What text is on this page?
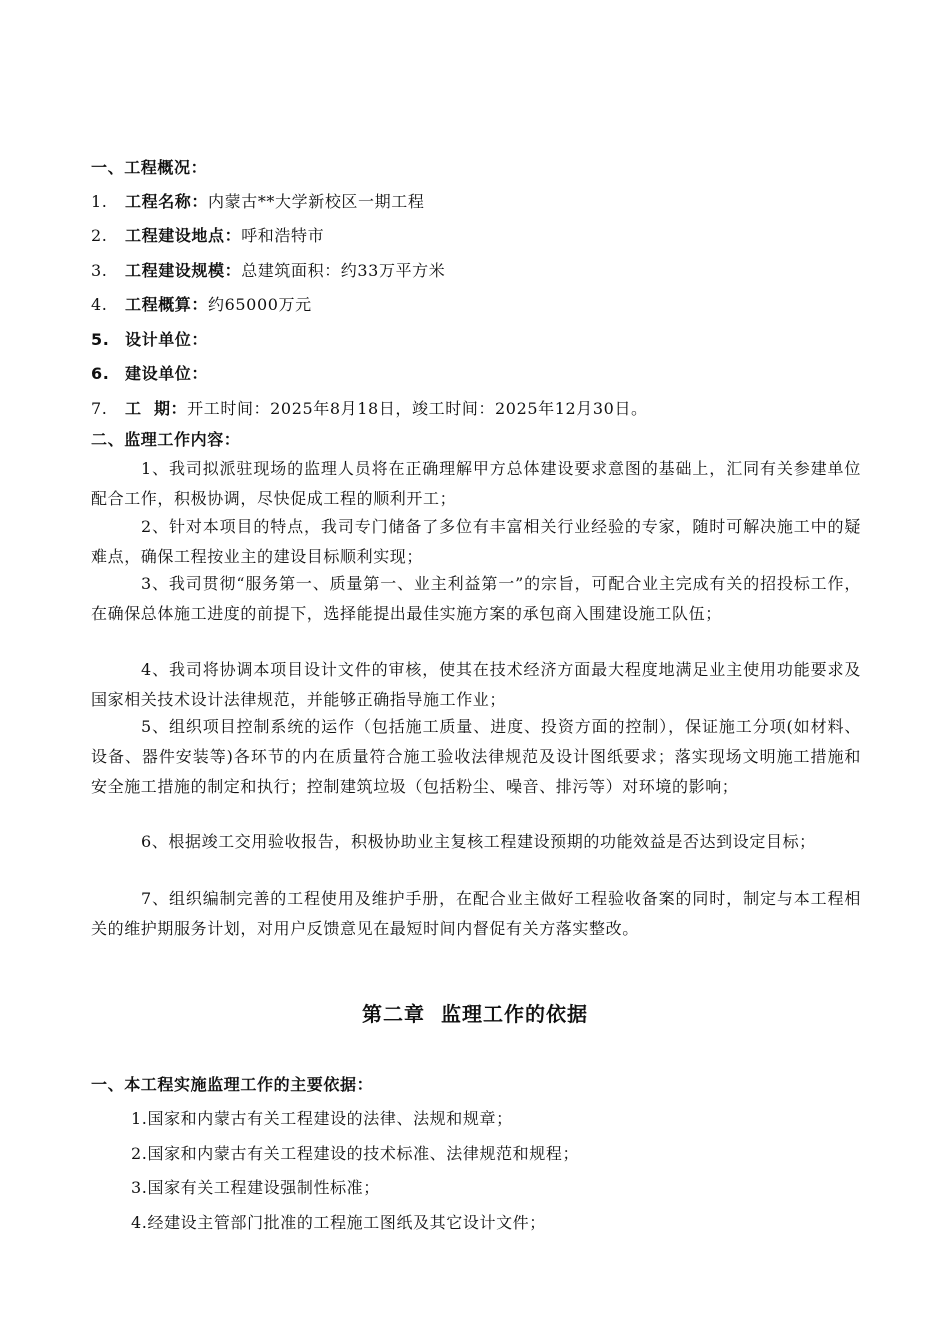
一、工程概况：
1. 工程名称：内蒙古**大学新校区一期工程
2. 工程建设地点：呼和浩特市
3. 工程建设规模：总建筑面积：约33万平方米
4. 工程概算：约65000万元
5. 设计单位：
6. 建设单位：
7. 工  期：开工时间：2025年8月18日，竣工时间：2025年12月30日。
二、监理工作内容：
1、我司拟派驻现场的监理人员将在正确理解甲方总体建设要求意图的基础上，汇同有关参建单位配合工作，积极协调，尽快促成工程的顺利开工；
2、针对本项目的特点，我司专门储备了多位有丰富相关行业经验的专家，随时可解决施工中的疑难点，确保工程按业主的建设目标顺利实现；
3、我司贯彻“服务第一、质量第一、业主利益第一”的宗旨，可配合业主完成有关的招投标工作，在确保总体施工进度的前提下，选择能提出最佳实施方案的承包商入围建设施工队伍；
4、我司将协调本项目设计文件的审核，使其在技术经济方面最大程度地满足业主使用功能要求及国家相关技术设计法律规范，并能够正确指导施工作业；
5、组织项目控制系统的运作（包括施工质量、进度、投资方面的控制），保证施工分项(如材料、设备、器件安装等)各环节的内在质量符合施工验收法律规范及设计图纸要求；落实现场文明施工措施和安全施工措施的制定和执行；控制建筑垃圾（包括粉尘、噪音、排污等）对环境的影响；
6、根据竣工交用验收报告，积极协助业主复核工程建设预期的功能效益是否达到设定目标；
7、组织编制完善的工程使用及维护手册，在配合业主做好工程验收备案的同时，制定与本工程相关的维护期服务计划，对用户反馈意见在最短时间内督促有关方落实整改。
第二章  监理工作的依据
一、本工程实施监理工作的主要依据：
1.国家和内蒙古有关工程建设的法律、法规和规章；
2.国家和内蒙古有关工程建设的技术标准、法律规范和规程；
3.国家有关工程建设强制性标准；
4.经建设主管部门批准的工程施工图纸及其它设计文件；
